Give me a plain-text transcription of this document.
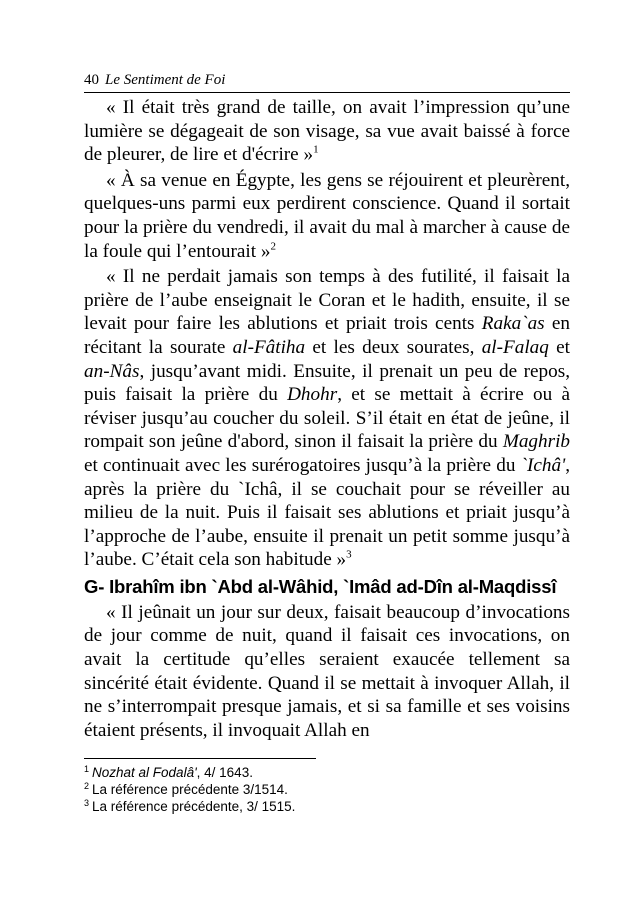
40 Le Sentiment de Foi

« Il était très grand de taille, on avait l’impression qu’une lumière se dégageait de son visage, sa vue avait baissé à force de pleurer, de lire et d'écrire »$^1$

« À sa venue en Égypte, les gens se réjouirent et pleurèrent, quelques-uns parmi eux perdirent conscience. Quand il sortait pour la prière du vendredi, il avait du mal à marcher à cause de la foule qui l’entourait »$^2$

« Il ne perdait jamais son temps à des futilité, il faisait la prière de l’aube enseignait le Coran et le hadith, ensuite, il se levait pour faire les ablutions et priait trois cents Raka`as en récitant la sourate al-Fâtiha et les deux sourates, al-Falaq et an-Nâs, jusqu’avant midi. Ensuite, il prenait un peu de repos, puis faisait la prière du Dhohr, et se mettait à écrire ou à réviser jusqu’au coucher du soleil. S’il était en état de jeûne, il rompait son jeûne d'abord, sinon il faisait la prière du Maghrib et continuait avec les surérogatoires jusqu’à la prière du `Ichâ', après la prière du `Ichâ, il se couchait pour se réveiller au milieu de la nuit. Puis il faisait ses ablutions et priait jusqu’à l’approche de l’aube, ensuite il prenait un petit somme jusqu’à l’aube. C’était cela son habitude »$^3$

G- Ibrahîm ibn `Abd al-Wâhid, `Imâd ad-Dîn al-Maqdissî

« Il jeûnait un jour sur deux, faisait beaucoup d’invocations de jour comme de nuit, quand il faisait ces invocations, on avait la certitude qu’elles seraient exaucée tellement sa sincérité était évidente. Quand il se mettait à invoquer Allah, il ne s’interrompait presque jamais, et si sa famille et ses voisins étaient présents, il invoquait Allah en

$^1$ Nozhat al Fodalâ', 4/ 1643.

$^2$ La référence précédente 3/1514.

$^3$ La référence précédente, 3/ 1515.
